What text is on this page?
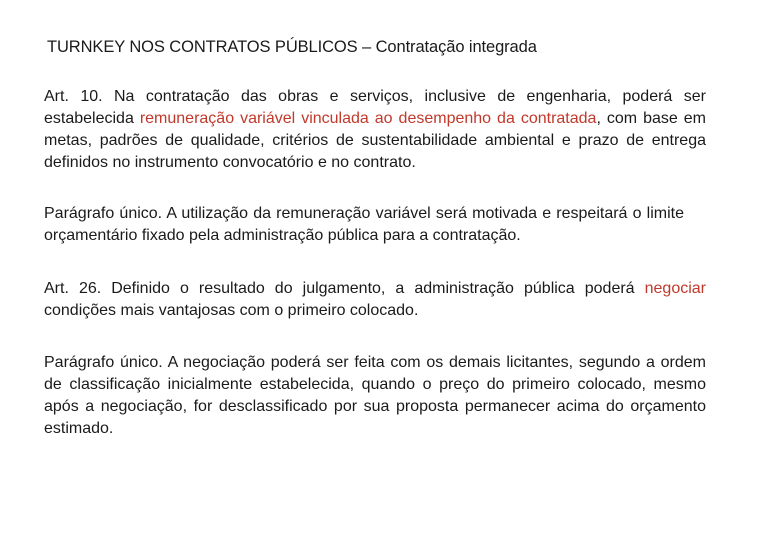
TURNKEY NOS CONTRATOS PÚBLICOS – Contratação integrada

Art. 10. Na contratação das obras e serviços, inclusive de engenharia, poderá ser estabelecida remuneração variável vinculada ao desempenho da contratada, com base em metas, padrões de qualidade, critérios de sustentabilidade ambiental e prazo de entrega definidos no instrumento convocatório e no contrato.

Parágrafo único. A utilização da remuneração variável será motivada e respeitará o limite orçamentário fixado pela administração pública para a contratação.

Art. 26. Definido o resultado do julgamento, a administração pública poderá negociar condições mais vantajosas com o primeiro colocado.

Parágrafo único. A negociação poderá ser feita com os demais licitantes, segundo a ordem de classificação inicialmente estabelecida, quando o preço do primeiro colocado, mesmo após a negociação, for desclassificado por sua proposta permanecer acima do orçamento estimado.
